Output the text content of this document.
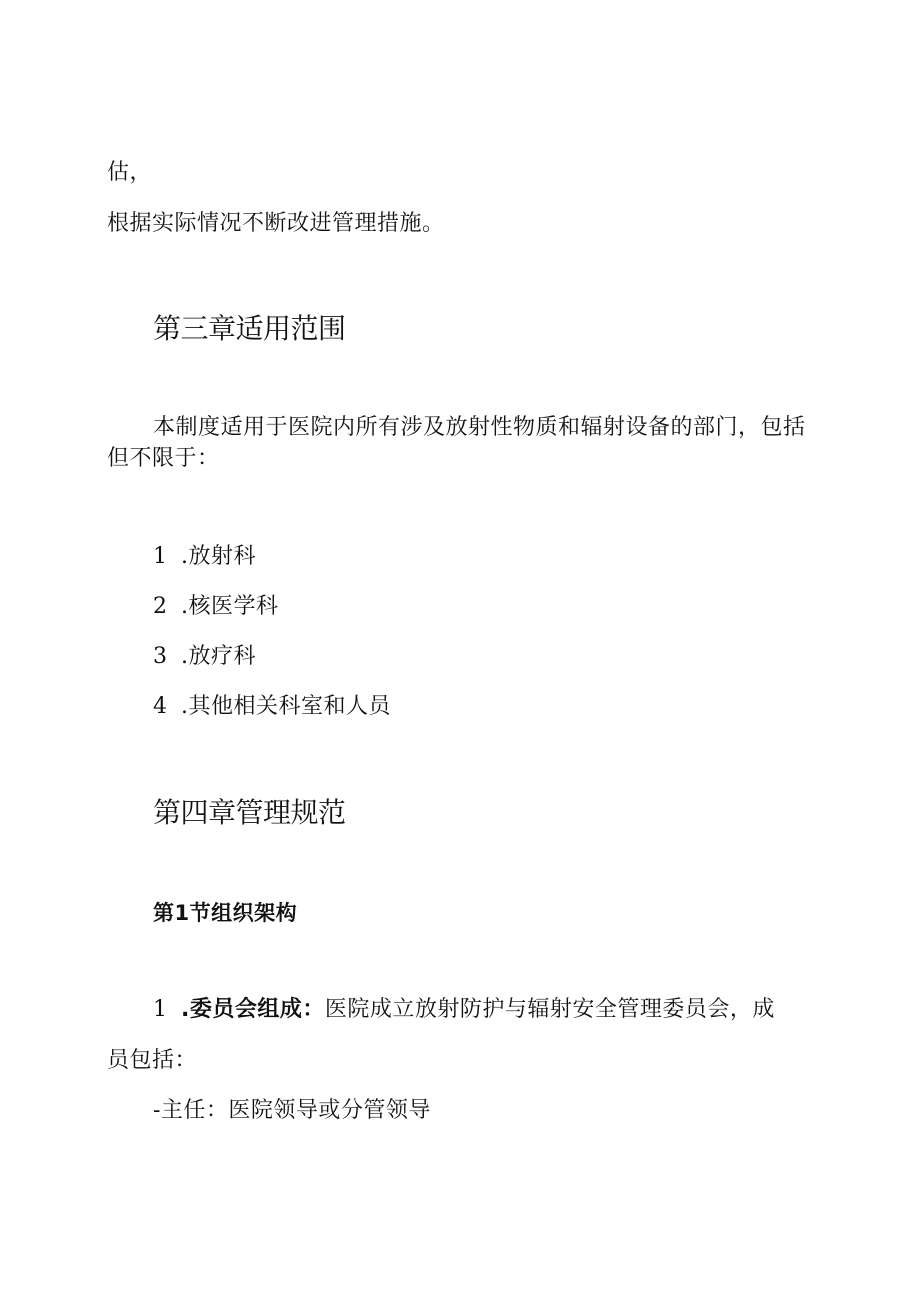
估，
根据实际情况不断改进管理措施。
第三章适用范围
本制度适用于医院内所有涉及放射性物质和辐射设备的部门，包括
但不限于：
1 .放射科
2 .核医学科
3 .放疗科
4 .其他相关科室和人员
第四章管理规范
第1节组织架构
1 .委员会组成：医院成立放射防护与辐射安全管理委员会，成
员包括：
-主任：医院领导或分管领导
